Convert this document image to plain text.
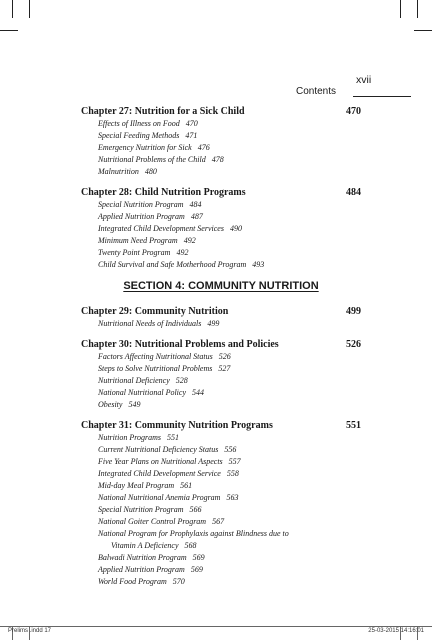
Contents
xvii
Chapter 27: Nutrition for a Sick Child	470
Effects of Illness on Food 470
Special Feeding Methods 471
Emergency Nutrition for Sick 476
Nutritional Problems of the Child 478
Malnutrition 480
Chapter 28: Child Nutrition Programs	484
Special Nutrition Program 484
Applied Nutrition Program 487
Integrated Child Development Services 490
Minimum Need Program 492
Twenty Point Program 492
Child Survival and Safe Motherhood Program 493
SECTION 4: COMMUNITY NUTRITION
Chapter 29: Community Nutrition	499
Nutritional Needs of Individuals 499
Chapter 30: Nutritional Problems and Policies	526
Factors Affecting Nutritional Status 526
Steps to Solve Nutritional Problems 527
Nutritional Deficiency 528
National Nutritional Policy 544
Obesity 549
Chapter 31: Community Nutrition Programs	551
Nutrition Programs 551
Current Nutritional Deficiency Status 556
Five Year Plans on Nutritional Aspects 557
Integrated Child Development Service 558
Mid-day Meal Program 561
National Nutritional Anemia Program 563
Special Nutrition Program 566
National Goiter Control Program 567
National Program for Prophylaxis against Blindness due to
Vitamin A Deficiency 568
Balwadi Nutrition Program 569
Applied Nutrition Program 569
World Food Program 570
Prelims .indd 17	25-03-2015 14:16:01
